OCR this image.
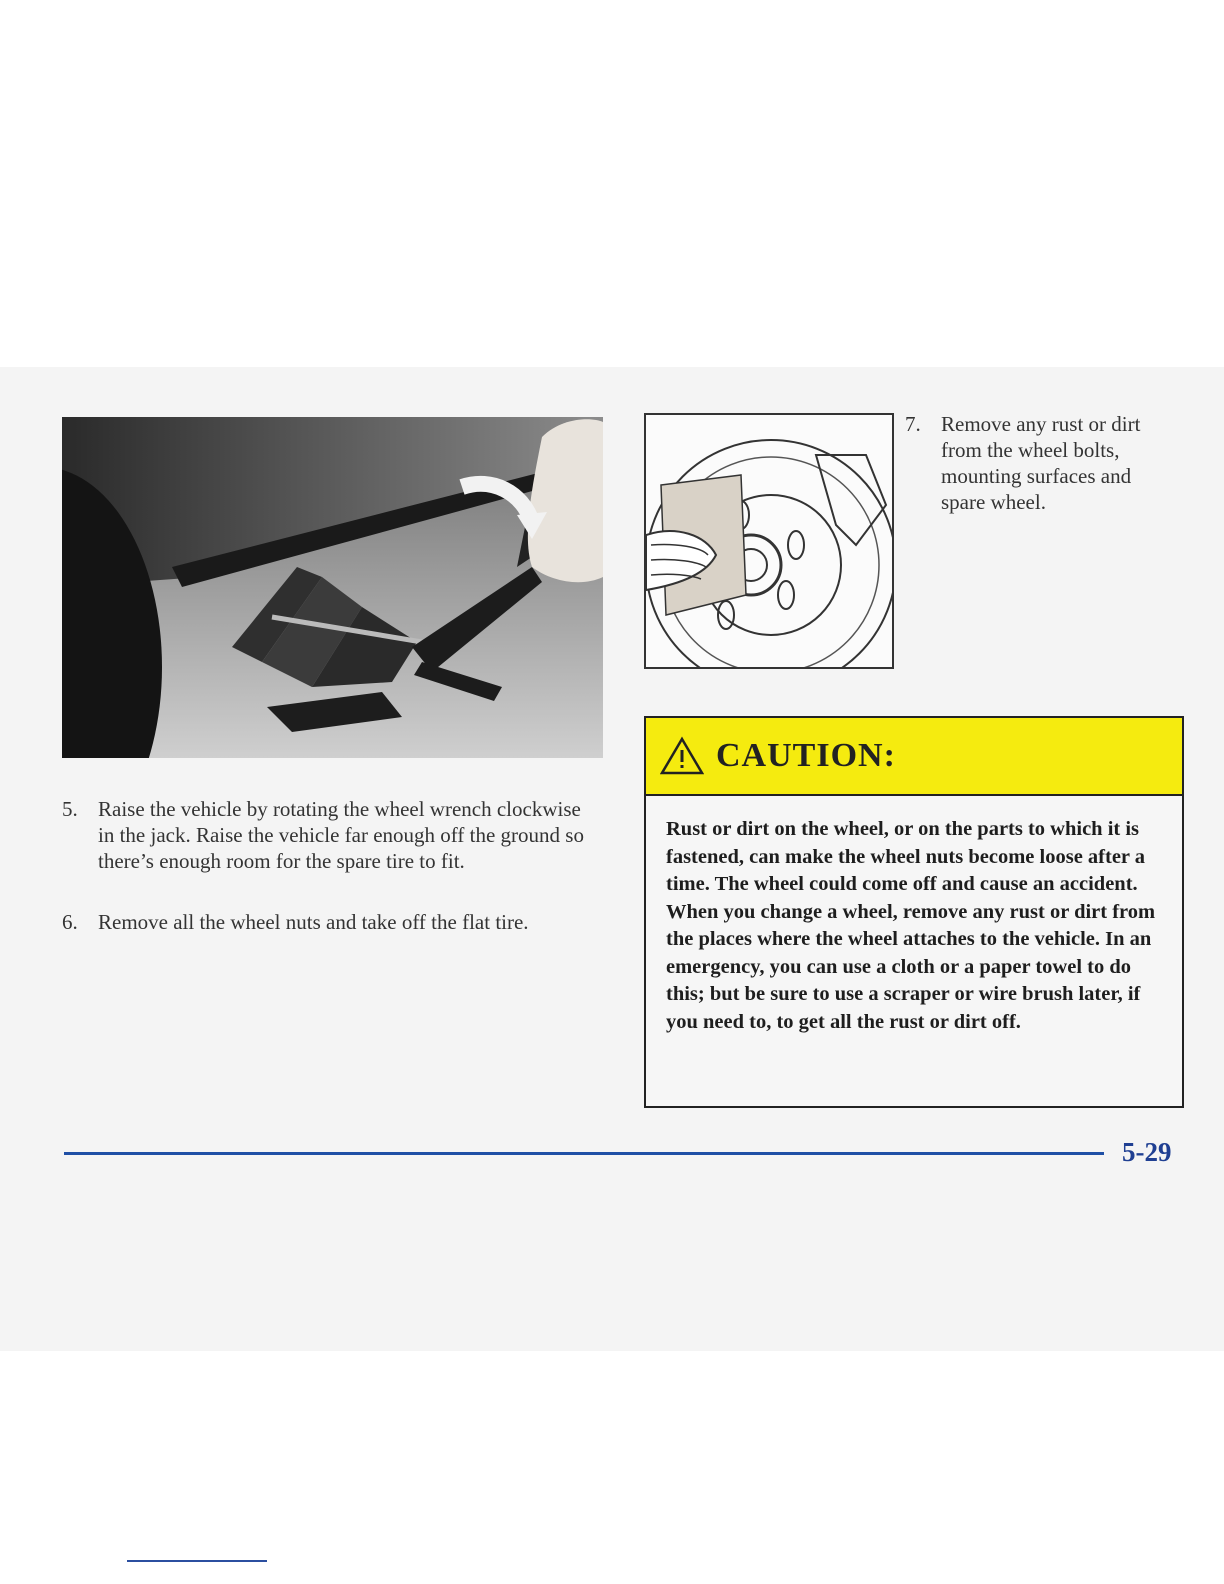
5. Raise the vehicle by rotating the wheel wrench clockwise in the jack. Raise the vehicle far enough off the ground so there’s enough room for the spare tire to fit.
6. Remove all the wheel nuts and take off the flat tire.
7. Remove any rust or dirt from the wheel bolts, mounting surfaces and spare wheel.
CAUTION:
Rust or dirt on the wheel, or on the parts to which it is fastened, can make the wheel nuts become loose after a time. The wheel could come off and cause an accident. When you change a wheel, remove any rust or dirt from the places where the wheel attaches to the vehicle. In an emergency, you can use a cloth or a paper towel to do this; but be sure to use a scraper or wire brush later, if you need to, to get all the rust or dirt off.
5-29
